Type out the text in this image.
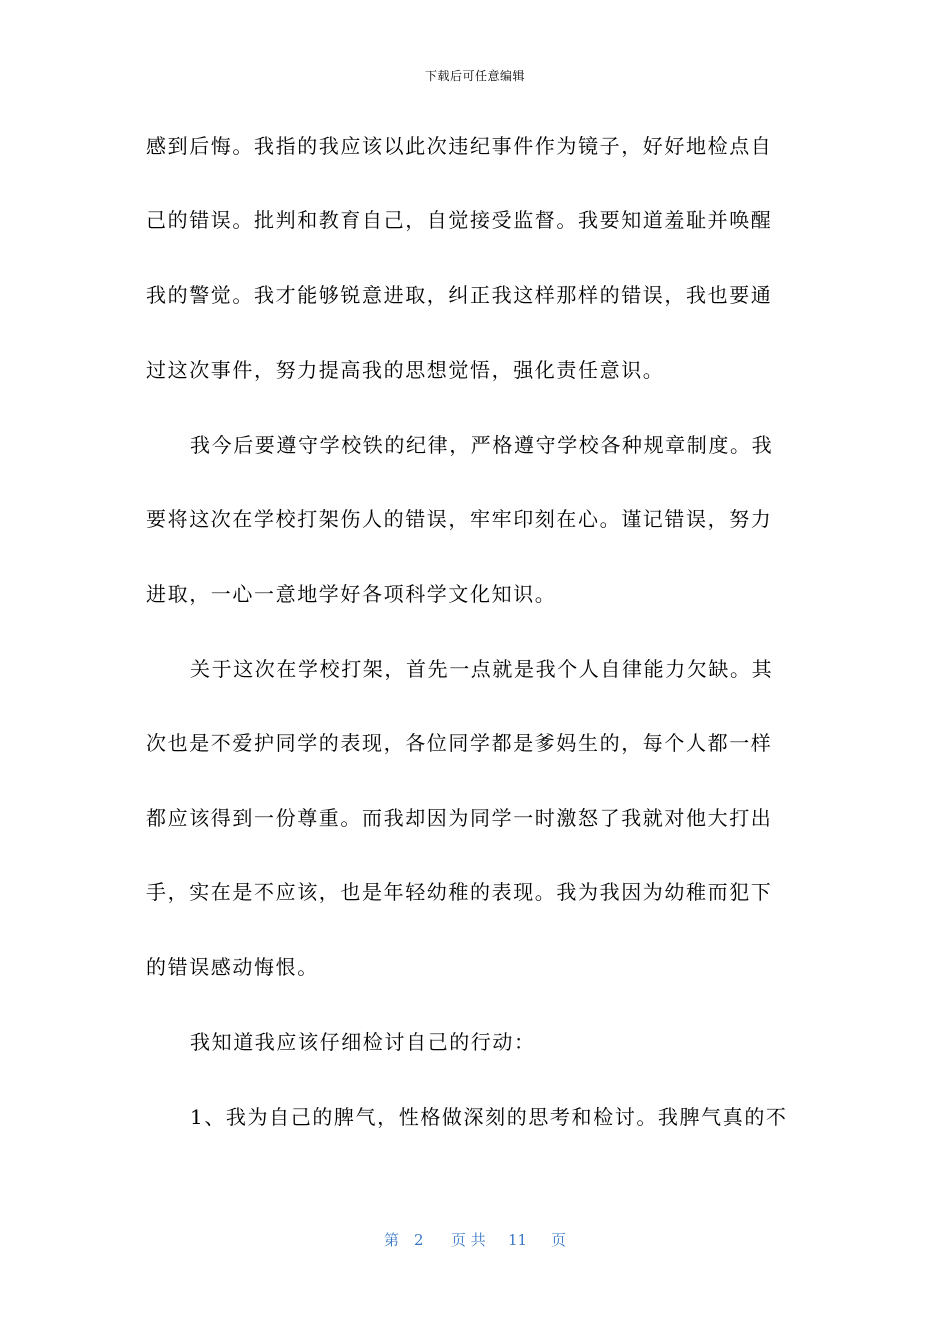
下载后可任意编辑
感到后悔。我指的我应该以此次违纪事件作为镜子，好好地检点自
己的错误。批判和教育自己，自觉接受监督。我要知道羞耻并唤醒
我的警觉。我才能够锐意进取，纠正我这样那样的错误，我也要通
过这次事件，努力提高我的思想觉悟，强化责任意识。
我今后要遵守学校铁的纪律，严格遵守学校各种规章制度。我
要将这次在学校打架伤人的错误，牢牢印刻在心。谨记错误，努力
进取，一心一意地学好各项科学文化知识。
关于这次在学校打架，首先一点就是我个人自律能力欠缺。其
次也是不爱护同学的表现，各位同学都是爹妈生的，每个人都一样
都应该得到一份尊重。而我却因为同学一时激怒了我就对他大打出
手，实在是不应该，也是年轻幼稚的表现。我为我因为幼稚而犯下
的错误感动悔恨。
我知道我应该仔细检讨自己的行动：
1、我为自己的脾气，性格做深刻的思考和检讨。我脾气真的不
第 2 页 共 11 页
